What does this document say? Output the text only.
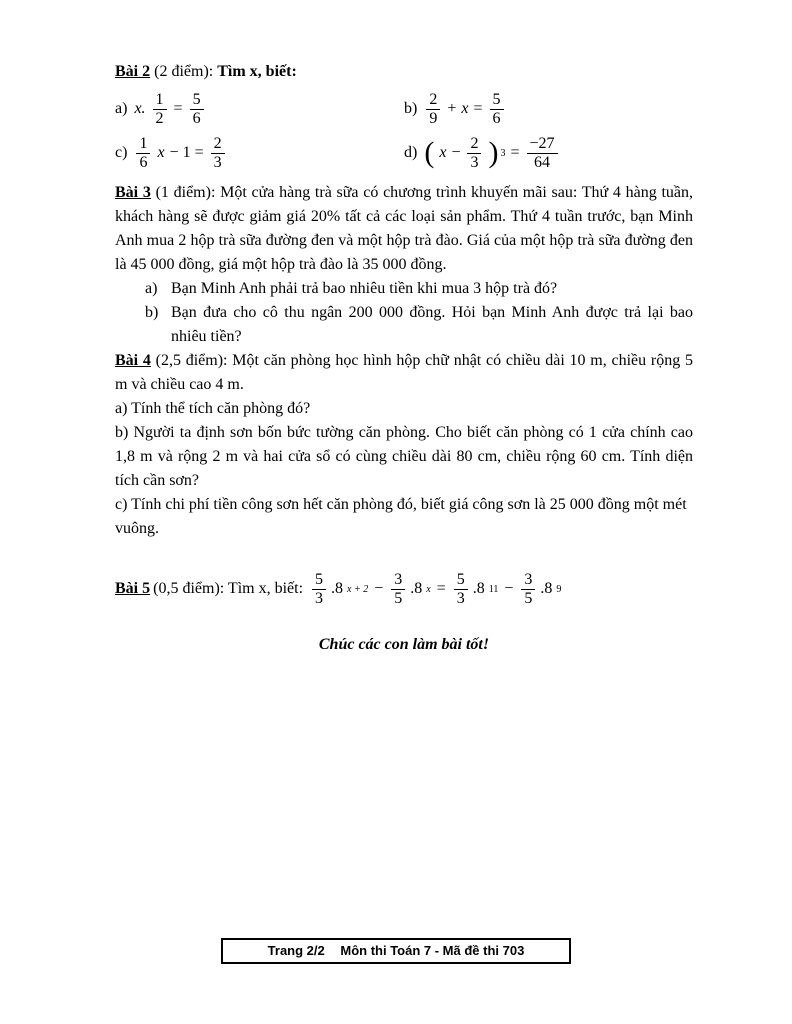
Bài 2 (2 điểm): Tìm x, biết:

a) x. $\frac{1}{2} = \frac{5}{6}$	$b) \frac{2}{9} + x = \frac{5}{6}$
$c) \frac{1}{6}$ $x - 1 = \frac{2}{3}$	d) ( $x - \frac{2}{3}$ ) $3 = \frac{-27}{64}$

Bài 3 (1 điểm): Một cửa hàng trà sữa có chương trình khuyến mãi sau: Thứ 4 hàng tuần, khách hàng sẽ được giảm giá 20% tất cả các loại sản phẩm. Thứ 4 tuần trước, bạn Minh Anh mua 2 hộp trà sữa đường đen và một hộp trà đào. Giá của một hộp trà sữa đường đen là 45 000 đồng, giá một hộp trà đào là 35 000 đồng.

a) Bạn Minh Anh phải trả bao nhiêu tiền khi mua 3 hộp trà đó?
b) Bạn đưa cho cô thu ngân 200 000 đồng. Hỏi bạn Minh Anh được trả lại bao nhiêu tiền?

Bài 4 (2,5 điểm): Một căn phòng học hình hộp chữ nhật có chiều dài 10 m, chiều rộng 5 m và chiều cao 4 m.

a) Tính thể tích căn phòng đó?

b) Người ta định sơn bốn bức tường căn phòng. Cho biết căn phòng có 1 cửa chính cao 1,8 m và rộng 2 m và hai cửa sổ có cùng chiều dài 80 cm, chiều rộng 60 cm. Tính diện tích cần sơn?

c) Tính chi phí tiền công sơn hết căn phòng đó, biết giá công sơn là 25 000 đồng một mét vuông.

Bài 5 (0,5 điểm): Tìm x, biết: $\frac{5}{3} .8$ $x + 2 - \frac{3}{5} .8$ $x = \frac{5}{3} .8$ $11 - \frac{3}{5} .8$ 9

Chúc các con làm bài tốt!

Trang 2/2 Môn thi Toán 7 - Mã đề thi 703
